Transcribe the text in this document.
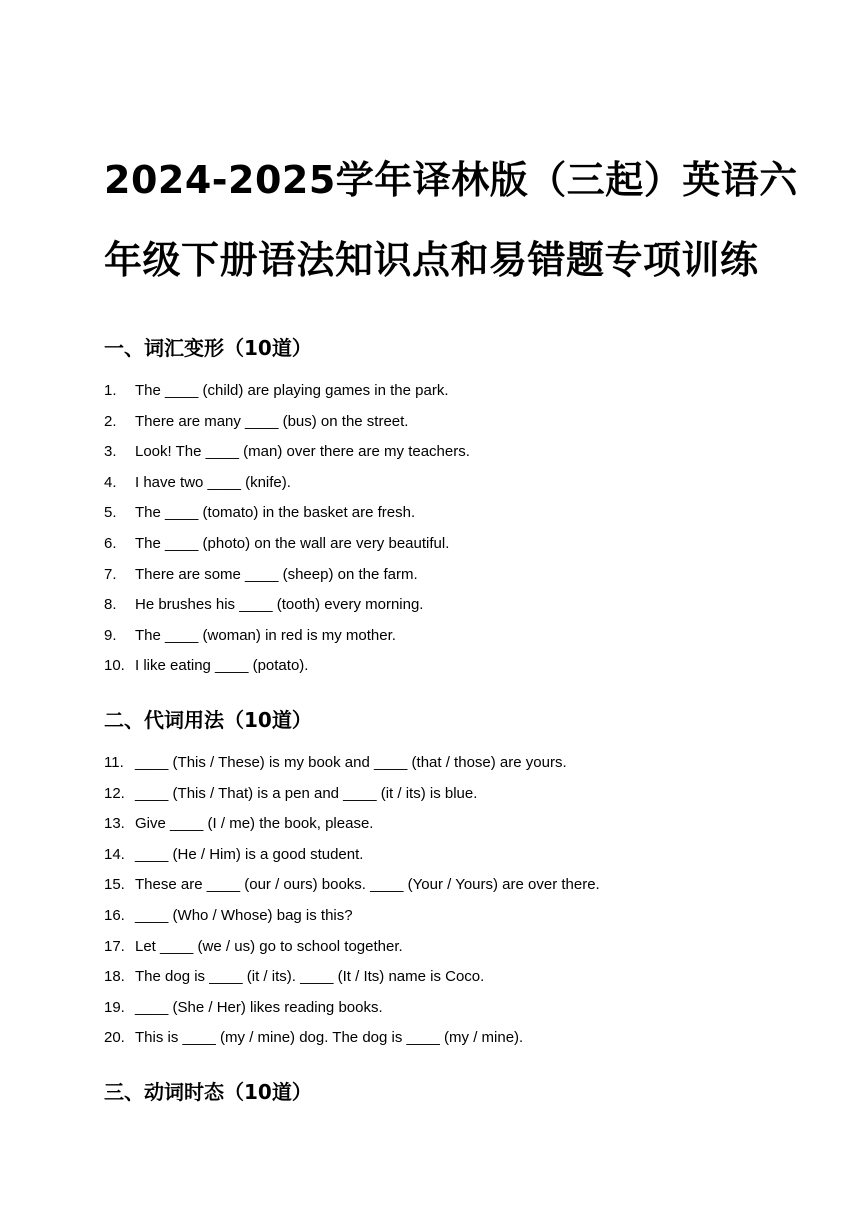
2024-2025学年译林版（三起）英语六
年级下册语法知识点和易错题专项训练
一、词汇变形（10道）
1.	The ____ (child) are playing games in the park.
2.	There are many ____ (bus) on the street.
3.	Look! The ____ (man) over there are my teachers.
4.	I have two ____ (knife).
5.	The ____ (tomato) in the basket are fresh.
6.	The ____ (photo) on the wall are very beautiful.
7.	There are some ____ (sheep) on the farm.
8.	He brushes his ____ (tooth) every morning.
9.	The ____ (woman) in red is my mother.
10. I like eating ____ (potato).
二、代词用法（10道）
11. ____ (This / These) is my book and ____ (that / those) are yours.
12. ____ (This / That) is a pen and ____ (it / its) is blue.
13. Give ____ (I / me) the book, please.
14. ____ (He / Him) is a good student.
15. These are ____ (our / ours) books. ____ (Your / Yours) are over there.
16. ____ (Who / Whose) bag is this?
17. Let ____ (we / us) go to school together.
18. The dog is ____ (it / its). ____ (It / Its) name is Coco.
19. ____ (She / Her) likes reading books.
20. This is ____ (my / mine) dog. The dog is ____ (my / mine).
三、动词时态（10道）
